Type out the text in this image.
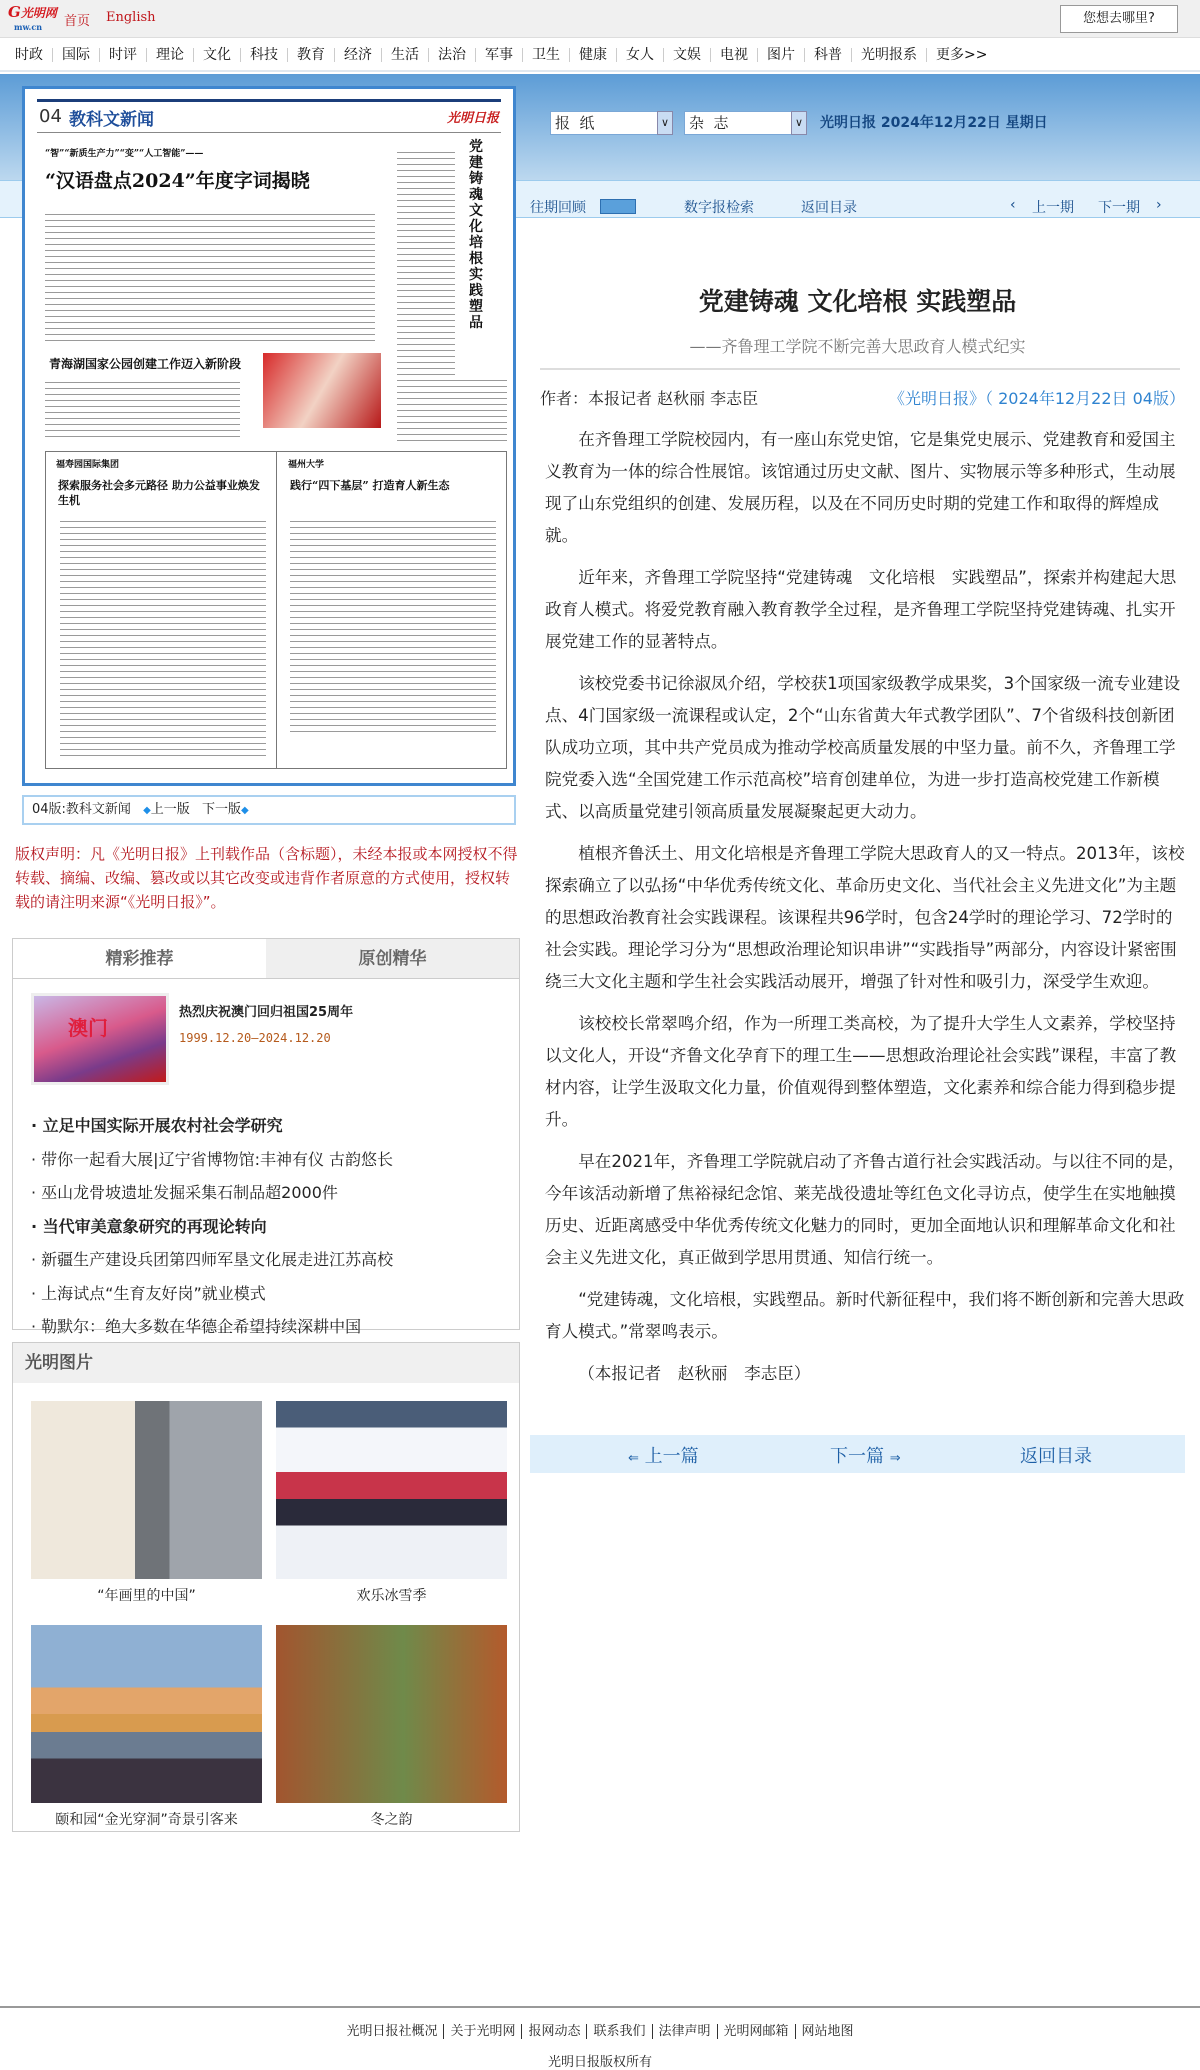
G光明网
mw.cn	首页 English	您想去哪里?
时政	国际	时评	理论	文化	科技	教育	经济	生活	法治	军事	卫生	健康	女人	文娱	电视	图片	科普	光明报系	更多>>
报  纸	∨	杂  志	∨ 光明日报 2024年12月22日 星期日
往期回顾	数字报检索	返回目录	‹ 上一期 下一期 ›
04 教科文新闻	光明日报
“智”“新质生产力”“变”“人工智能”——
“汉语盘点2024”年度字词揭晓
党建铸魂 文化培根 实践塑品
青海湖国家公园创建工作迈入新阶段
福寿园国际集团
探索服务社会多元路径 助力公益事业焕发生机
福州大学
践行“四下基层” 打造育人新生态
04版:教科文新闻 ◆上一版 下一版◆
版权声明：凡《光明日报》上刊载作品（含标题），未经本报或本网授权不得转载、摘编、改编、篡改或以其它改变或违背作者原意的方式使用，授权转载的请注明来源“《光明日报》”。
精彩推荐	原创精华
澳门
热烈庆祝澳门回归祖国25周年
1999.12.20—2024.12.20
· 立足中国实际开展农村社会学研究
· 带你一起看大展|辽宁省博物馆:丰神有仪 古韵悠长
· 巫山龙骨坡遗址发掘采集石制品超2000件
· 当代审美意象研究的再现论转向
· 新疆生产建设兵团第四师军垦文化展走进江苏高校
· 上海试点“生育友好岗”就业模式
· 勒默尔：绝大多数在华德企希望持续深耕中国
光明图片
“年画里的中国”	欢乐冰雪季
颐和园“金光穿洞”奇景引客来	冬之韵
党建铸魂 文化培根 实践塑品
——齐鲁理工学院不断完善大思政育人模式纪实
作者：本报记者 赵秋丽 李志臣	《光明日报》（ 2024年12月22日 04版）

在齐鲁理工学院校园内，有一座山东党史馆，它是集党史展示、党建教育和爱国主义教育为一体的综合性展馆。该馆通过历史文献、图片、实物展示等多种形式，生动展现了山东党组织的创建、发展历程，以及在不同历史时期的党建工作和取得的辉煌成就。

近年来，齐鲁理工学院坚持“党建铸魂　文化培根　实践塑品”，探索并构建起大思政育人模式。将爱党教育融入教育教学全过程，是齐鲁理工学院坚持党建铸魂、扎实开展党建工作的显著特点。

该校党委书记徐淑凤介绍，学校获1项国家级教学成果奖，3个国家级一流专业建设点、4门国家级一流课程或认定，2个“山东省黄大年式教学团队”、7个省级科技创新团队成功立项，其中共产党员成为推动学校高质量发展的中坚力量。前不久，齐鲁理工学院党委入选“全国党建工作示范高校”培育创建单位，为进一步打造高校党建工作新模式、以高质量党建引领高质量发展凝聚起更大动力。

植根齐鲁沃土、用文化培根是齐鲁理工学院大思政育人的又一特点。2013年，该校探索确立了以弘扬“中华优秀传统文化、革命历史文化、当代社会主义先进文化”为主题的思想政治教育社会实践课程。该课程共96学时，包含24学时的理论学习、72学时的社会实践。理论学习分为“思想政治理论知识串讲”“实践指导”两部分，内容设计紧密围绕三大文化主题和学生社会实践活动展开，增强了针对性和吸引力，深受学生欢迎。

该校校长常翠鸣介绍，作为一所理工类高校，为了提升大学生人文素养，学校坚持以文化人，开设“齐鲁文化孕育下的理工生——思想政治理论社会实践”课程，丰富了教材内容，让学生汲取文化力量，价值观得到整体塑造，文化素养和综合能力得到稳步提升。

早在2021年，齐鲁理工学院就启动了齐鲁古道行社会实践活动。与以往不同的是，今年该活动新增了焦裕禄纪念馆、莱芜战役遗址等红色文化寻访点，使学生在实地触摸历史、近距离感受中华优秀传统文化魅力的同时，更加全面地认识和理解革命文化和社会主义先进文化，真正做到学思用贯通、知信行统一。

“党建铸魂，文化培根，实践塑品。新时代新征程中，我们将不断创新和完善大思政育人模式。”常翠鸣表示。

（本报记者　赵秋丽　李志臣）

⇐ 上一篇	下一篇 ⇒	返回目录
光明日报社概况 关于光明网 报网动态 联系我们 法律声明 光明网邮箱 网站地图
光明日报版权所有
